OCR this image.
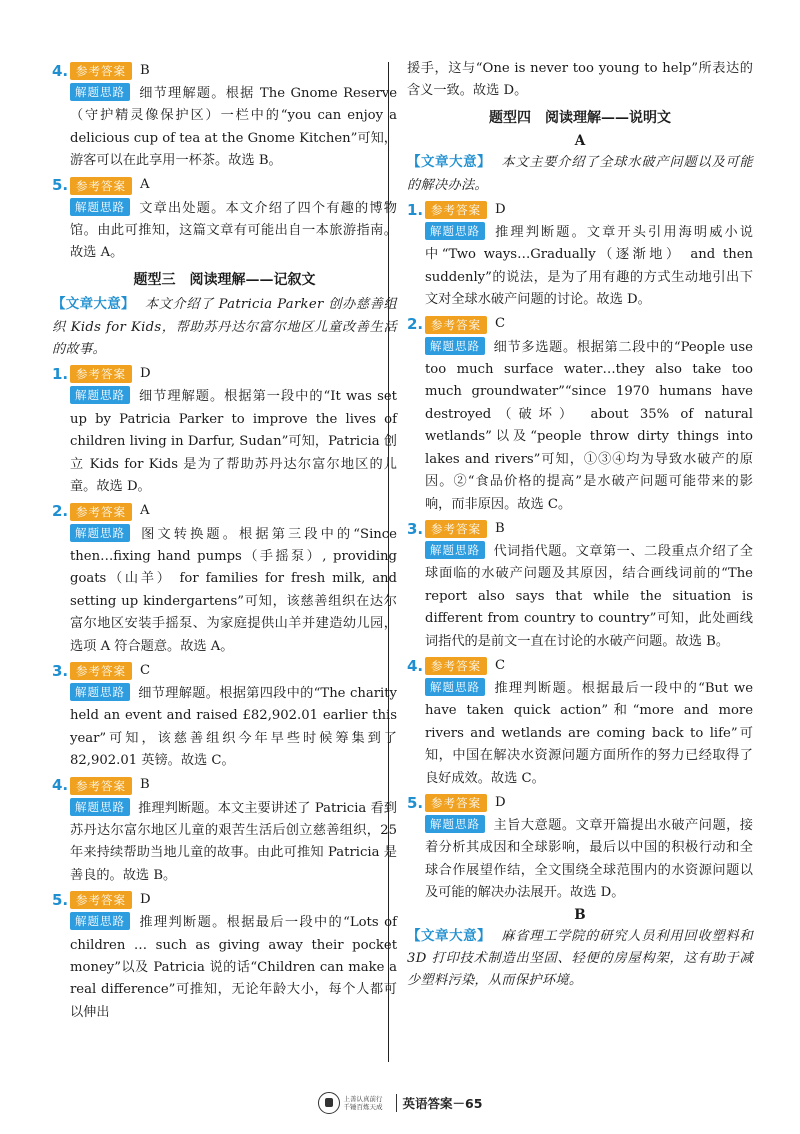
4. 参考答案	B

解题思路 细节理解题。根据 The Gnome Reserve（守护精灵像保护区）一栏中的“you can enjoy a delicious cup of tea at the Gnome Kitchen”可知，游客可以在此享用一杯茶。故选 B。

5. 参考答案	A

解题思路 文章出处题。本文介绍了四个有趣的博物馆。由此可推知，这篇文章有可能出自一本旅游指南。故选 A。

题型三　阅读理解——记叙文

【文章大意】 本文介绍了 Patricia Parker 创办慈善组织 Kids for Kids，帮助苏丹达尔富尔地区儿童改善生活的故事。

1. 参考答案	D

解题思路 细节理解题。根据第一段中的“It was set up by Patricia Parker to improve the lives of children living in Darfur, Sudan”可知，Patricia 创立 Kids for Kids 是为了帮助苏丹达尔富尔地区的儿童。故选 D。

2. 参考答案	A

解题思路 图文转换题。根据第三段中的“Since then…fixing hand pumps（手摇泵）, providing goats（山羊） for families for fresh milk, and setting up kindergartens”可知，该慈善组织在达尔富尔地区安装手摇泵、为家庭提供山羊并建造幼儿园，选项 A 符合题意。故选 A。

3. 参考答案	C

解题思路 细节理解题。根据第四段中的“The charity held an event and raised £82,902.01 earlier this year”可知，该慈善组织今年早些时候筹集到了 82,902.01 英镑。故选 C。

4. 参考答案	B

解题思路 推理判断题。本文主要讲述了 Patricia 看到苏丹达尔富尔地区儿童的艰苦生活后创立慈善组织，25 年来持续帮助当地儿童的故事。由此可推知 Patricia 是善良的。故选 B。

5. 参考答案	D

解题思路 推理判断题。根据最后一段中的“Lots of children … such as giving away their pocket money”以及 Patricia 说的话“Children can make a real difference”可推知，无论年龄大小，每个人都可以伸出

援手，这与“One is never too young to help”所表达的含义一致。故选 D。

题型四　阅读理解——说明文
A

【文章大意】 本文主要介绍了全球水破产问题以及可能的解决办法。

1. 参考答案	D

解题思路 推理判断题。文章开头引用海明威小说中“Two ways…Gradually（逐渐地） and then suddenly”的说法，是为了用有趣的方式生动地引出下文对全球水破产问题的讨论。故选 D。

2. 参考答案	C

解题思路 细节多选题。根据第二段中的“People use too much surface water…they also take too much groundwater”“since 1970 humans have destroyed（破坏） about 35% of natural wetlands”以及“people throw dirty things into lakes and rivers”可知，①③④均为导致水破产的原因。②“食品价格的提高”是水破产问题可能带来的影响，而非原因。故选 C。

3. 参考答案	B

解题思路 代词指代题。文章第一、二段重点介绍了全球面临的水破产问题及其原因，结合画线词前的“The report also says that while the situation is different from country to country”可知，此处画线词指代的是前文一直在讨论的水破产问题。故选 B。

4. 参考答案	C

解题思路 推理判断题。根据最后一段中的“But we have taken quick action”和“more and more rivers and wetlands are coming back to life”可知，中国在解决水资源问题方面所作的努力已经取得了良好成效。故选 C。

5. 参考答案	D

解题思路 主旨大意题。文章开篇提出水破产问题，接着分析其成因和全球影响，最后以中国的积极行动和全球合作展望作结，全文围绕全球范围内的水资源问题以及可能的解决办法展开。故选 D。

B

【文章大意】 麻省理工学院的研究人员利用回收塑料和 3D 打印技术制造出坚固、轻便的房屋构架，这有助于减少塑料污染，从而保护环境。

上善认真前行 千锤百炼天成	英语答案－65
